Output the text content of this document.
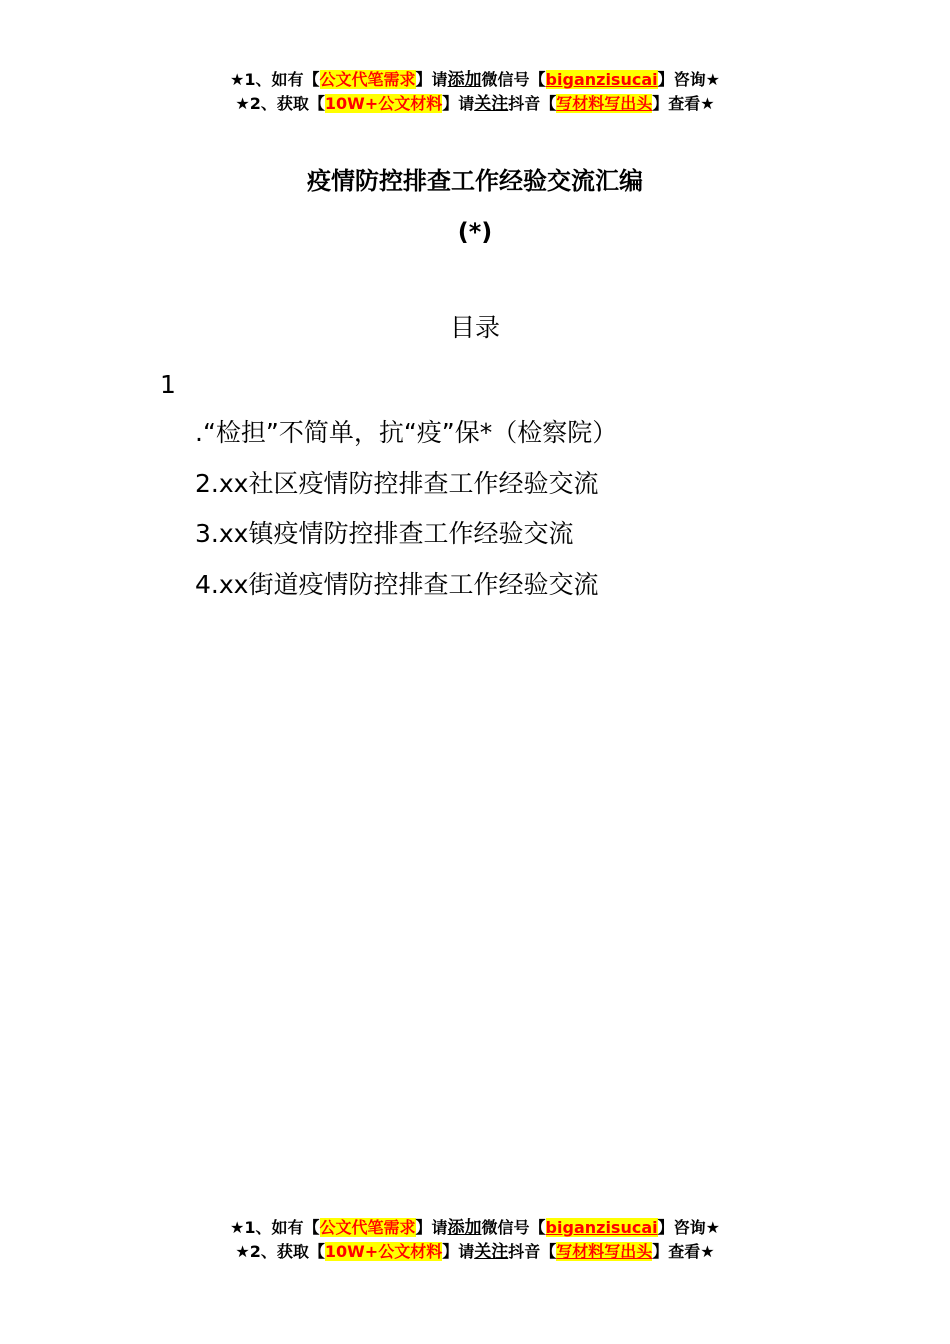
★1、如有【公文代笔需求】请添加微信号【biganzisucai】咨询★
★2、获取【10W+公文材料】请关注抖音【写材料写出头】查看★
疫情防控排查工作经验交流汇编
(*)
目录
1
.“检担”不简单，抗“疫”保*（检察院）
2.xx社区疫情防控排查工作经验交流
3.xx镇疫情防控排查工作经验交流
4.xx街道疫情防控排查工作经验交流
★1、如有【公文代笔需求】请添加微信号【biganzisucai】咨询★
★2、获取【10W+公文材料】请关注抖音【写材料写出头】查看★
